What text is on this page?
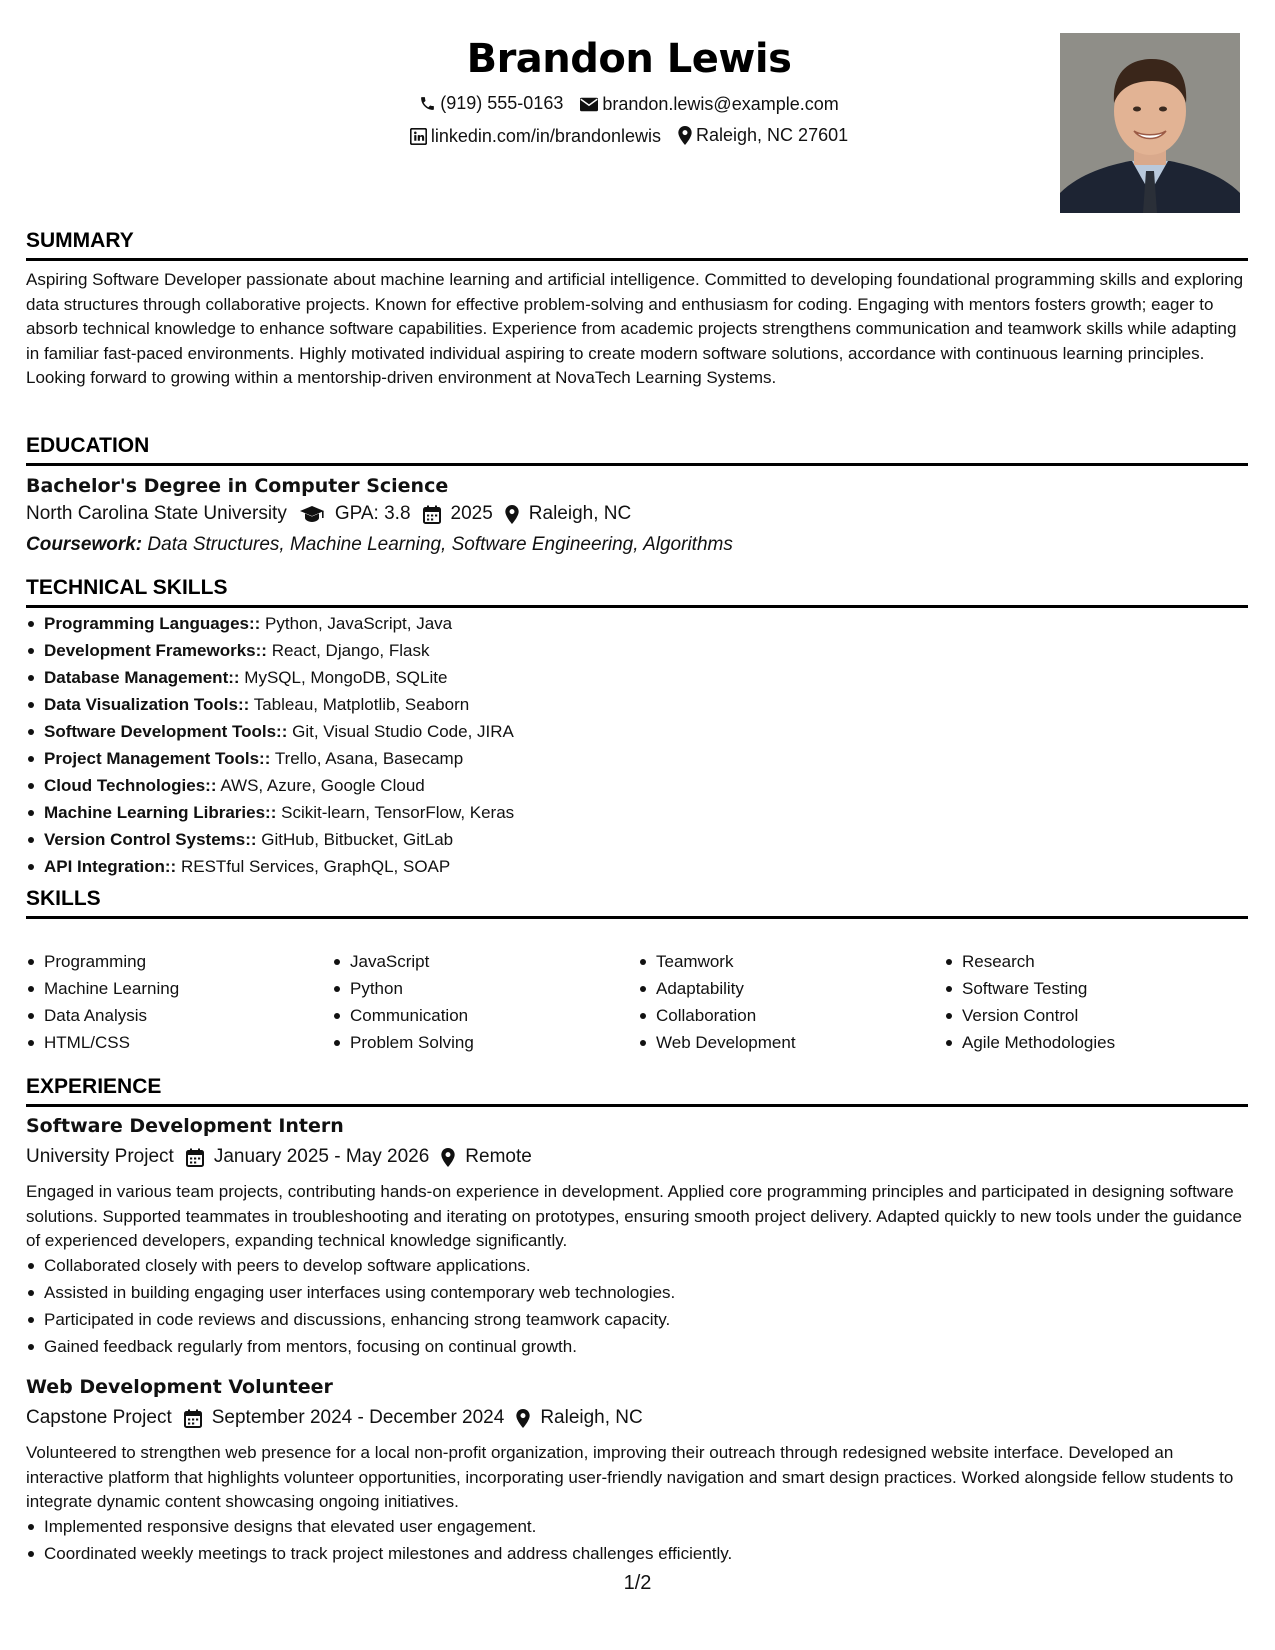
Brandon Lewis
(919) 555-0163
brandon.lewis@example.com
linkedin.com/in/brandonlewis
Raleigh, NC 27601
SUMMARY
Aspiring Software Developer passionate about machine learning and artificial intelligence. Committed to developing foundational programming skills and exploring data structures through collaborative projects. Known for effective problem-solving and enthusiasm for coding. Engaging with mentors fosters growth; eager to absorb technical knowledge to enhance software capabilities. Experience from academic projects strengthens communication and teamwork skills while adapting in familiar fast-paced environments. Highly motivated individual aspiring to create modern software solutions, accordance with continuous learning principles. Looking forward to growing within a mentorship-driven environment at NovaTech Learning Systems.
EDUCATION
Bachelor's Degree in Computer Science
North Carolina State University	GPA: 3.8 2025 Raleigh, NC
Coursework: Data Structures, Machine Learning, Software Engineering, Algorithms
TECHNICAL SKILLS
Programming Languages:: Python, JavaScript, Java
Development Frameworks:: React, Django, Flask
Database Management:: MySQL, MongoDB, SQLite
Data Visualization Tools:: Tableau, Matplotlib, Seaborn
Software Development Tools:: Git, Visual Studio Code, JIRA
Project Management Tools:: Trello, Asana, Basecamp
Cloud Technologies:: AWS, Azure, Google Cloud
Machine Learning Libraries:: Scikit-learn, TensorFlow, Keras
Version Control Systems:: GitHub, Bitbucket, GitLab
API Integration:: RESTful Services, GraphQL, SOAP
SKILLS
Programming
Machine Learning
Data Analysis
HTML/CSS
JavaScript
Python
Communication
Problem Solving
Teamwork
Adaptability
Collaboration
Web Development
Research
Software Testing
Version Control
Agile Methodologies
EXPERIENCE
Software Development Intern
University Project January 2025 - May 2026 Remote
Engaged in various team projects, contributing hands-on experience in development. Applied core programming principles and participated in designing software solutions. Supported teammates in troubleshooting and iterating on prototypes, ensuring smooth project delivery. Adapted quickly to new tools under the guidance of experienced developers, expanding technical knowledge significantly.
Collaborated closely with peers to develop software applications.
Assisted in building engaging user interfaces using contemporary web technologies.
Participated in code reviews and discussions, enhancing strong teamwork capacity.
Gained feedback regularly from mentors, focusing on continual growth.
Web Development Volunteer
Capstone Project September 2024 - December 2024 Raleigh, NC
Volunteered to strengthen web presence for a local non-profit organization, improving their outreach through redesigned website interface. Developed an interactive platform that highlights volunteer opportunities, incorporating user-friendly navigation and smart design practices. Worked alongside fellow students to integrate dynamic content showcasing ongoing initiatives.
Implemented responsive designs that elevated user engagement.
Coordinated weekly meetings to track project milestones and address challenges efficiently.
1/2
